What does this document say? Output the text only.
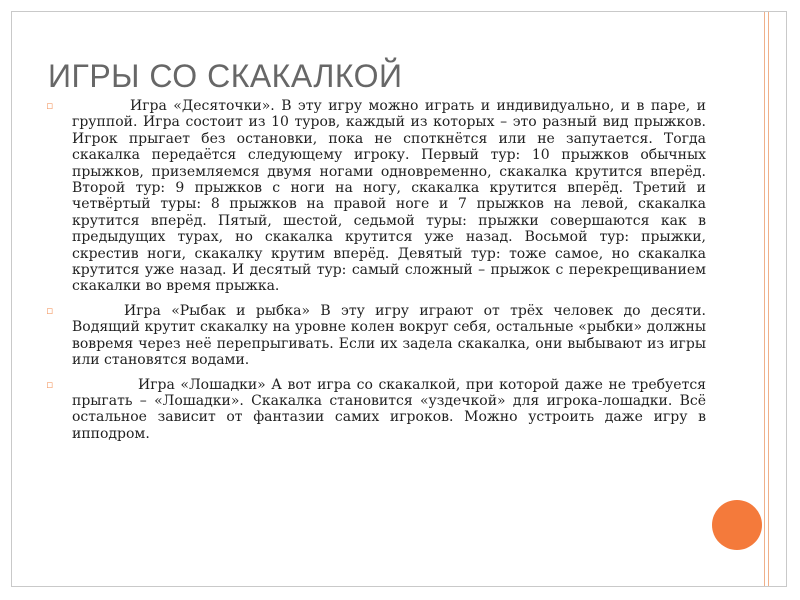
ИГРЫ СО СКАКАЛКОЙ
▫	Игра «Десяточки». В эту игру можно играть и индивидуально, и в паре, и группой. Игра состоит из 10 туров, каждый из которых – это разный вид прыжков. Игрок прыгает без остановки, пока не споткнётся или не запутается. Тогда скакалка передаётся следующему игроку. Первый тур: 10 прыжков обычных прыжков, приземляемся двумя ногами одновременно, скакалка крутится вперёд. Второй тур: 9 прыжков с ноги на ногу, скакалка крутится вперёд. Третий и четвёртый туры: 8 прыжков на правой ноге и 7 прыжков на левой, скакалка крутится вперёд. Пятый, шестой, седьмой туры: прыжки совершаются как в предыдущих турах, но скакалка крутится уже назад. Восьмой тур: прыжки, скрестив ноги, скакалку крутим вперёд. Девятый тур: тоже самое, но скакалка крутится уже назад. И десятый тур: самый сложный – прыжок с перекрещиванием скакалки во время прыжка.
▫	Игра «Рыбак и рыбка» В эту игру играют от трёх человек до десяти. Водящий крутит скакалку на уровне колен вокруг себя, остальные «рыбки» должны вовремя через неё перепрыгивать. Если их задела скакалка, они выбывают из игры или становятся водами.
▫	Игра «Лошадки» А вот игра со скакалкой, при которой даже не требуется прыгать – «Лошадки». Скакалка становится «уздечкой» для игрока-лошадки. Всё остальное зависит от фантазии самих игроков. Можно устроить даже игру в ипподром.
